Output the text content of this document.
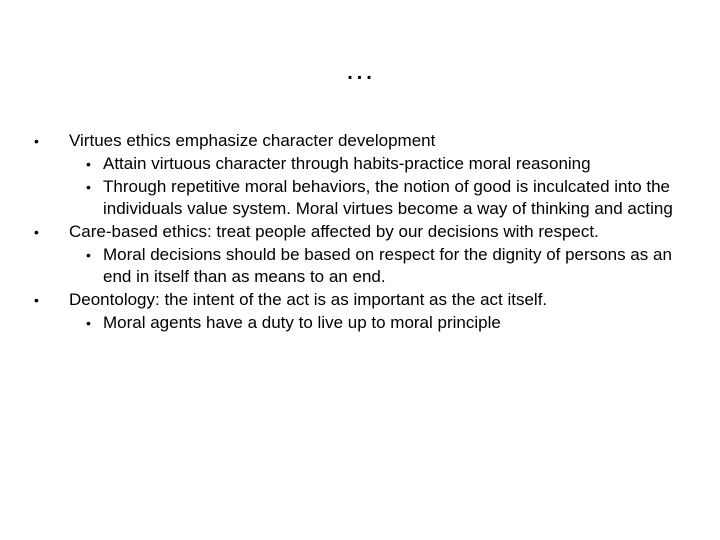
…
•	Virtues ethics emphasize character development
• Attain virtuous character through habits-practice moral reasoning
• Through repetitive moral behaviors, the notion of good is inculcated into the individuals value system. Moral virtues become a way of thinking and acting
•	Care-based ethics: treat people affected by our decisions with respect.
• Moral decisions should be based on respect for the dignity of persons as an end in itself than as means to an end.
•	Deontology: the intent of the act is as important as the act itself.
• Moral agents have a duty to live up to moral principle
